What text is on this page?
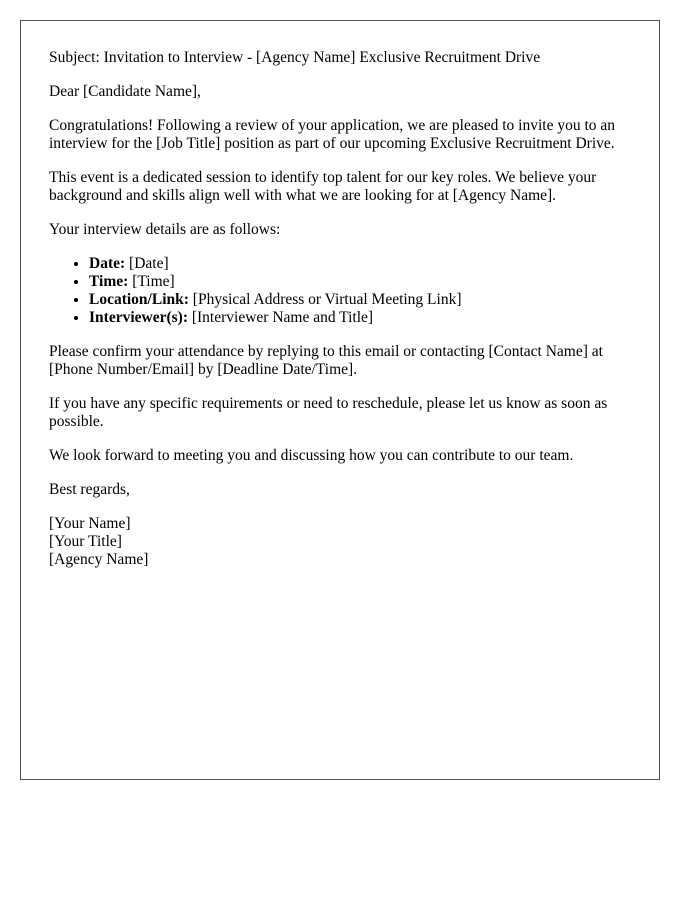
Subject: Invitation to Interview - [Agency Name] Exclusive Recruitment Drive

Dear [Candidate Name],

Congratulations! Following a review of your application, we are pleased to invite you to an interview for the [Job Title] position as part of our upcoming Exclusive Recruitment Drive.

This event is a dedicated session to identify top talent for our key roles. We believe your background and skills align well with what we are looking for at [Agency Name].

Your interview details are as follows:

• Date: [Date]
• Time: [Time]
• Location/Link: [Physical Address or Virtual Meeting Link]
• Interviewer(s): [Interviewer Name and Title]

Please confirm your attendance by replying to this email or contacting [Contact Name] at [Phone Number/Email] by [Deadline Date/Time].

If you have any specific requirements or need to reschedule, please let us know as soon as possible.

We look forward to meeting you and discussing how you can contribute to our team.

Best regards,

[Your Name]
[Your Title]
[Agency Name]
